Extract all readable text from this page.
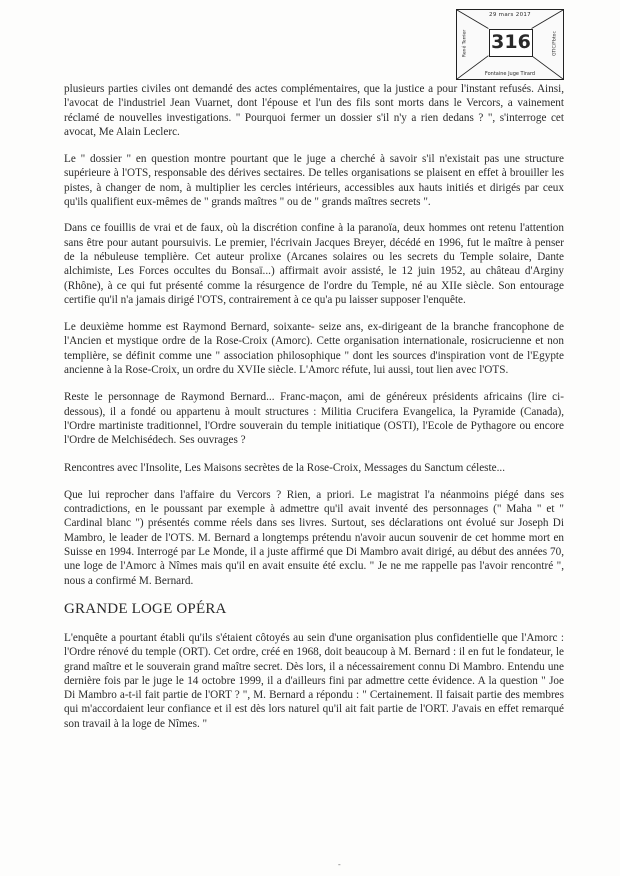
29 mars 2017
316
René Terrier	GTIC/Fbtoc
Fontaine Juge Tirard

plusieurs parties civiles ont demandé des actes complémentaires, que la justice a pour l'instant refusés. Ainsi, l'avocat de l'industriel Jean Vuarnet, dont l'épouse et l'un des fils sont morts dans le Vercors, a vainement réclamé de nouvelles investigations. " Pourquoi fermer un dossier s'il n'y a rien dedans ? ", s'interroge cet avocat, Me Alain Leclerc.

Le " dossier " en question montre pourtant que le juge a cherché à savoir s'il n'existait pas une structure supérieure à l'OTS, responsable des dérives sectaires. De telles organisations se plaisent en effet à brouiller les pistes, à changer de nom, à multiplier les cercles intérieurs, accessibles aux hauts initiés et dirigés par ceux qu'ils qualifient eux-mêmes de " grands maîtres " ou de " grands maîtres secrets ".

Dans ce fouillis de vrai et de faux, où la discrétion confine à la paranoïa, deux hommes ont retenu l'attention sans être pour autant poursuivis. Le premier, l'écrivain Jacques Breyer, décédé en 1996, fut le maître à penser de la nébuleuse templière. Cet auteur prolixe (Arcanes solaires ou les secrets du Temple solaire, Dante alchimiste, Les Forces occultes du Bonsaï...) affirmait avoir assisté, le 12 juin 1952, au château d'Arginy (Rhône), à ce qui fut présenté comme la résurgence de l'ordre du Temple, né au XIIe siècle. Son entourage certifie qu'il n'a jamais dirigé l'OTS, contrairement à ce qu'a pu laisser supposer l'enquête.

Le deuxième homme est Raymond Bernard, soixante- seize ans, ex-dirigeant de la branche francophone de l'Ancien et mystique ordre de la Rose-Croix (Amorc). Cette organisation internationale, rosicrucienne et non templière, se définit comme une " association philosophique " dont les sources d'inspiration vont de l'Egypte ancienne à la Rose-Croix, un ordre du XVIIe siècle. L'Amorc réfute, lui aussi, tout lien avec l'OTS.

Reste le personnage de Raymond Bernard... Franc-maçon, ami de généreux présidents africains (lire ci-dessous), il a fondé ou appartenu à moult structures : Militia Crucifera Evangelica, la Pyramide (Canada), l'Ordre martiniste traditionnel, l'Ordre souverain du temple initiatique (OSTI), l'Ecole de Pythagore ou encore l'Ordre de Melchisédech. Ses ouvrages ?

Rencontres avec l'Insolite, Les Maisons secrètes de la Rose-Croix, Messages du Sanctum céleste...

Que lui reprocher dans l'affaire du Vercors ? Rien, a priori. Le magistrat l'a néanmoins piégé dans ses contradictions, en le poussant par exemple à admettre qu'il avait inventé des personnages (" Maha " et " Cardinal blanc ") présentés comme réels dans ses livres. Surtout, ses déclarations ont évolué sur Joseph Di Mambro, le leader de l'OTS. M. Bernard a longtemps prétendu n'avoir aucun souvenir de cet homme mort en Suisse en 1994. Interrogé par Le Monde, il a juste affirmé que Di Mambro avait dirigé, au début des années 70, une loge de l'Amorc à Nîmes mais qu'il en avait ensuite été exclu. " Je ne me rappelle pas l'avoir rencontré ", nous a confirmé M. Bernard.

GRANDE LOGE OPÉRA

L'enquête a pourtant établi qu'ils s'étaient côtoyés au sein d'une organisation plus confidentielle que l'Amorc : l'Ordre rénové du temple (ORT). Cet ordre, créé en 1968, doit beaucoup à M. Bernard : il en fut le fondateur, le grand maître et le souverain grand maître secret. Dès lors, il a nécessairement connu Di Mambro. Entendu une dernière fois par le juge le 14 octobre 1999, il a d'ailleurs fini par admettre cette évidence. A la question " Joe Di Mambro a-t-il fait partie de l'ORT ? ", M. Bernard a répondu : " Certainement. Il faisait partie des membres qui m'accordaient leur confiance et il est dès lors naturel qu'il ait fait partie de l'ORT. J'avais en effet remarqué son travail à la loge de Nîmes. "

-
